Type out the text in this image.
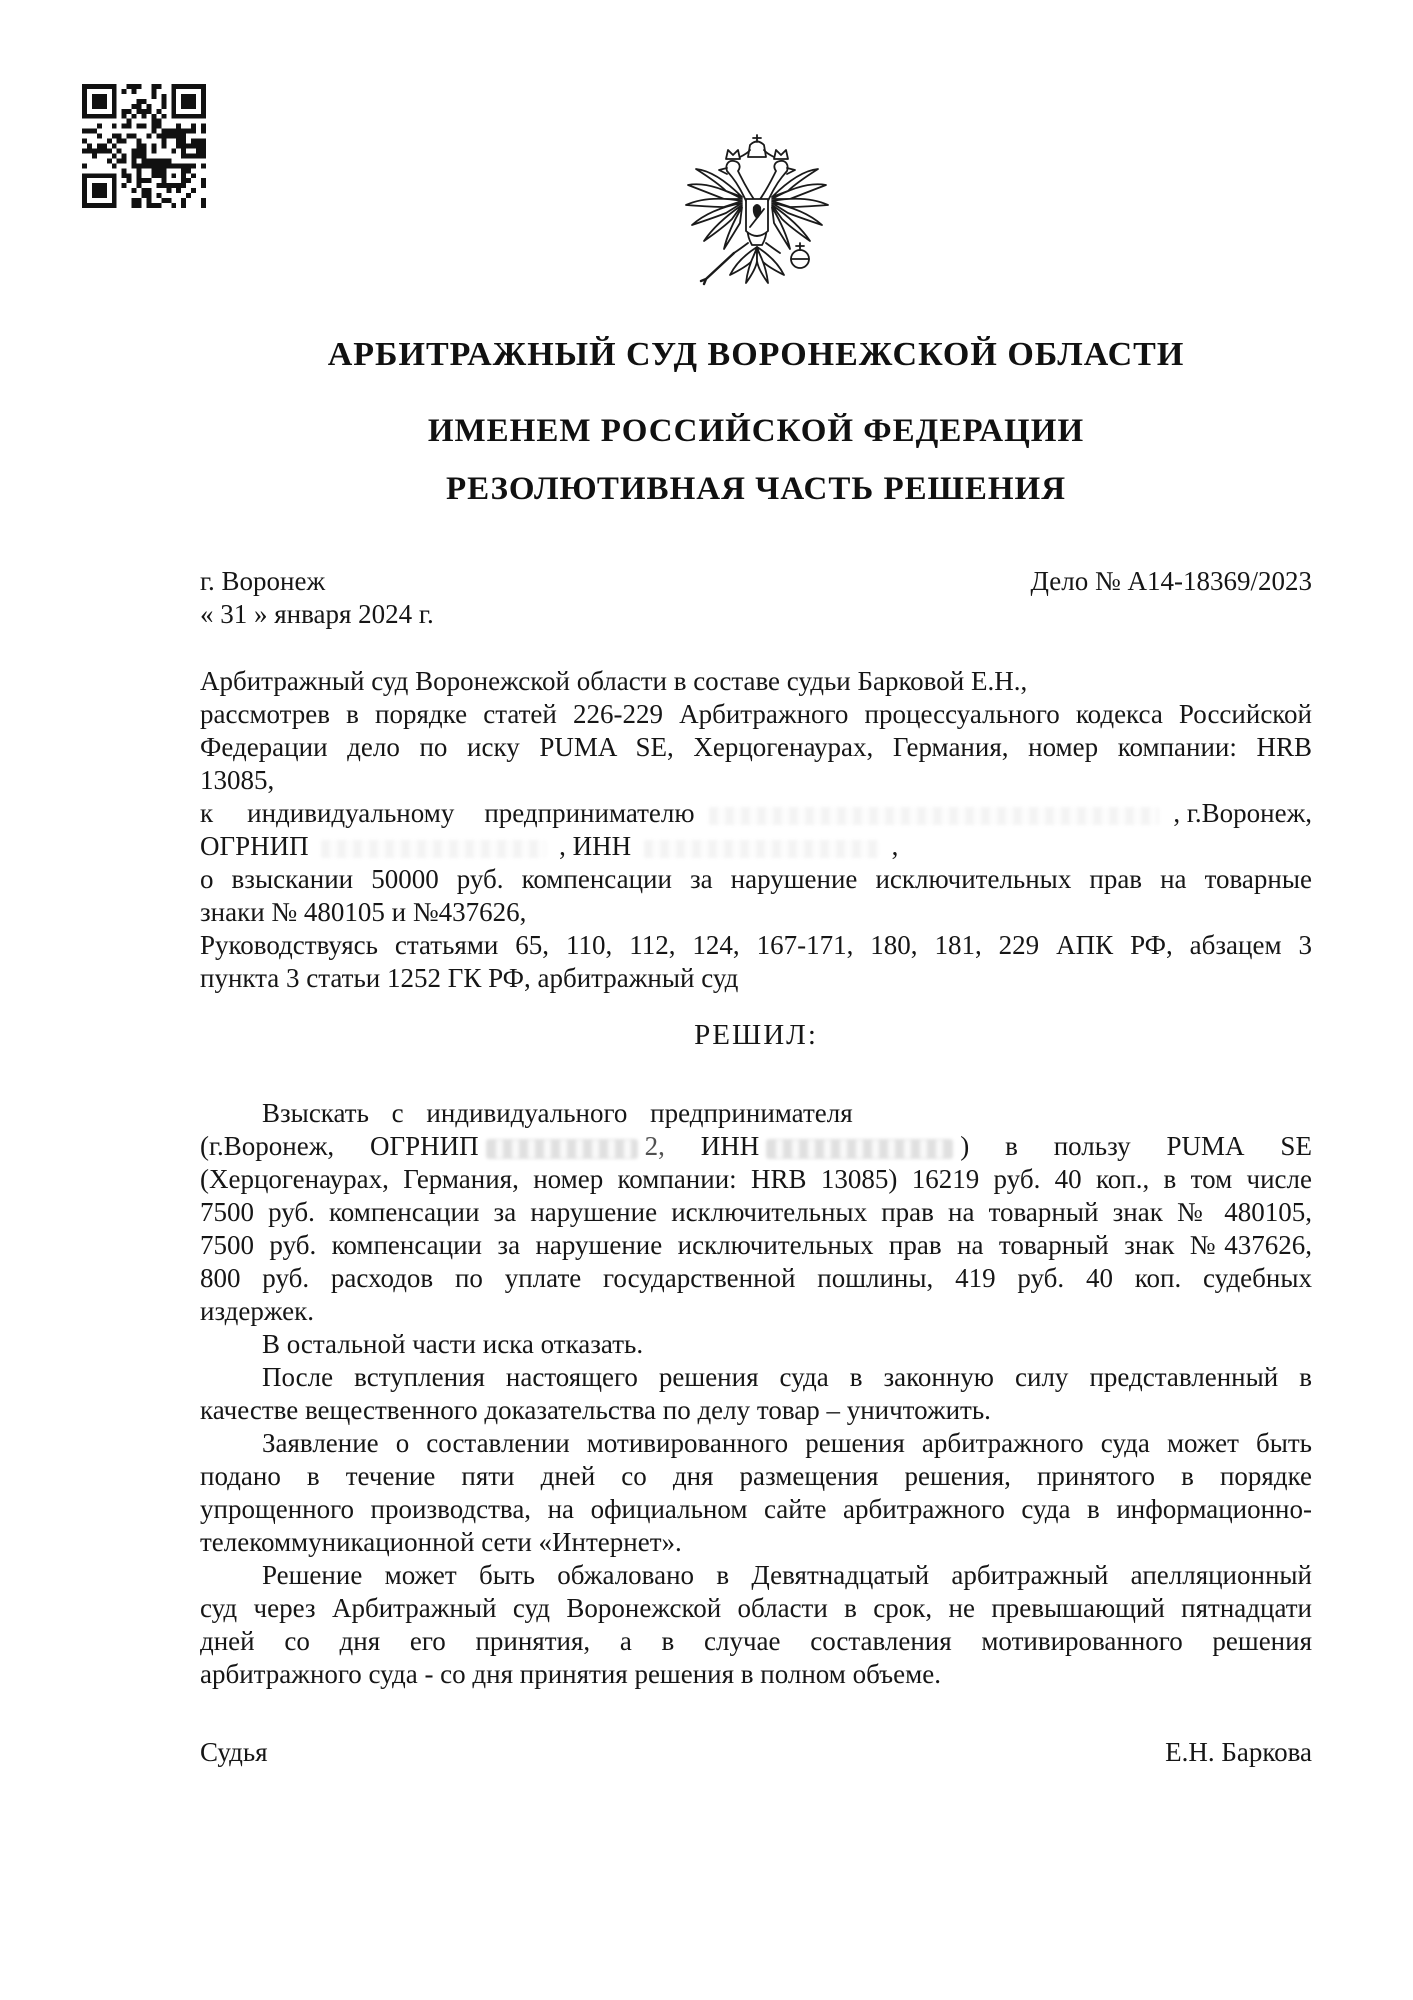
АРБИТРАЖНЫЙ СУД ВОРОНЕЖСКОЙ ОБЛАСТИ
ИМЕНЕМ РОССИЙСКОЙ ФЕДЕРАЦИИ
РЕЗОЛЮТИВНАЯ ЧАСТЬ РЕШЕНИЯ
г. Воронеж	Дело № А14-18369/2023
« 31 » января 2024 г.
Арбитражный суд Воронежской области в составе судьи Барковой Е.Н.,
рассмотрев в порядке статей 226-229 Арбитражного процессуального кодекса Российской
Федерации дело по иску PUMA SE, Херцогенаурах, Германия, номер компании: HRB
13085,
к индивидуальному предпринимателю	, г.Воронеж,
ОГРНИП	, ИНН	,
о взыскании 50000 руб. компенсации за нарушение исключительных прав на товарные
знаки № 480105 и №437626,
Руководствуясь статьями 65, 110, 112, 124, 167-171, 180, 181, 229 АПК РФ, абзацем 3
пункта 3 статьи 1252 ГК РФ, арбитражный суд
РЕШИЛ:
Взыскать с индивидуального предпринимателя
(г.Воронеж, ОГРНИП	2, ИНН	) в пользу PUMA SE
(Херцогенаурах, Германия, номер компании: HRB 13085) 16219 руб. 40 коп., в том числе
7500 руб. компенсации за нарушение исключительных прав на товарный знак № 480105,
7500 руб. компенсации за нарушение исключительных прав на товарный знак №437626,
800 руб. расходов по уплате государственной пошлины, 419 руб. 40 коп. судебных
издержек.
В остальной части иска отказать.
После вступления настоящего решения суда в законную силу представленный в
качестве вещественного доказательства по делу товар – уничтожить.
Заявление о составлении мотивированного решения арбитражного суда может быть
подано в течение пяти дней со дня размещения решения, принятого в порядке
упрощенного производства, на официальном сайте арбитражного суда в информационно-
телекоммуникационной сети «Интернет».
Решение может быть обжаловано в Девятнадцатый арбитражный апелляционный
суд через Арбитражный суд Воронежской области в срок, не превышающий пятнадцати
дней со дня его принятия, а в случае составления мотивированного решения
арбитражного суда - со дня принятия решения в полном объеме.
Судья	Е.Н. Баркова
